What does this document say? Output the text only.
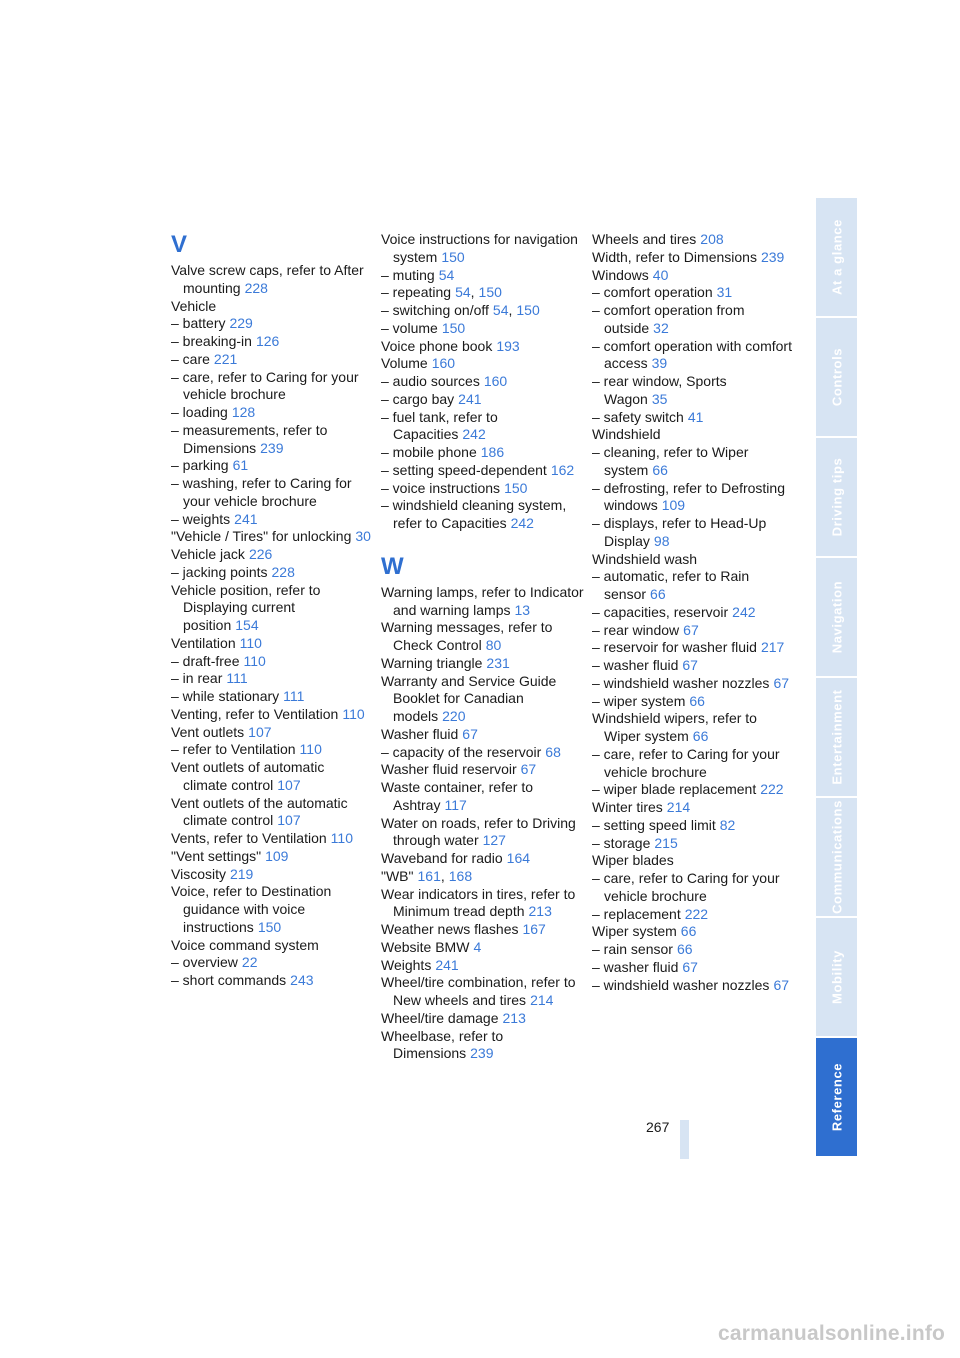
V
Valve screw caps, refer to After mounting 228
Vehicle
– battery 229
– breaking-in 126
– care 221
– care, refer to Caring for your vehicle brochure
– loading 128
– measurements, refer to Dimensions 239
– parking 61
– washing, refer to Caring for your vehicle brochure
– weights 241
"Vehicle / Tires" for unlocking 30
Vehicle jack 226
– jacking points 228
Vehicle position, refer to Displaying current position 154
Ventilation 110
– draft-free 110
– in rear 111
– while stationary 111
Venting, refer to Ventilation 110
Vent outlets 107
– refer to Ventilation 110
Vent outlets of automatic climate control 107
Vent outlets of the automatic climate control 107
Vents, refer to Ventilation 110
"Vent settings" 109
Viscosity 219
Voice, refer to Destination guidance with voice instructions 150
Voice command system
– overview 22
– short commands 243
Voice instructions for navigation system 150
– muting 54
– repeating 54, 150
– switching on/off 54, 150
– volume 150
Voice phone book 193
Volume 160
– audio sources 160
– cargo bay 241
– fuel tank, refer to Capacities 242
– mobile phone 186
– setting speed-dependent 162
– voice instructions 150
– windshield cleaning system, refer to Capacities 242
W
Warning lamps, refer to Indicator and warning lamps 13
Warning messages, refer to Check Control 80
Warning triangle 231
Warranty and Service Guide Booklet for Canadian models 220
Washer fluid 67
– capacity of the reservoir 68
Washer fluid reservoir 67
Waste container, refer to Ashtray 117
Water on roads, refer to Driving through water 127
Waveband for radio 164
"WB" 161, 168
Wear indicators in tires, refer to Minimum tread depth 213
Weather news flashes 167
Website BMW 4
Weights 241
Wheel/tire combination, refer to New wheels and tires 214
Wheel/tire damage 213
Wheelbase, refer to Dimensions 239
Wheels and tires 208
Width, refer to Dimensions 239
Windows 40
– comfort operation 31
– comfort operation from outside 32
– comfort operation with comfort access 39
– rear window, Sports Wagon 35
– safety switch 41
Windshield
– cleaning, refer to Wiper system 66
– defrosting, refer to Defrosting windows 109
– displays, refer to Head-Up Display 98
Windshield wash
– automatic, refer to Rain sensor 66
– capacities, reservoir 242
– rear window 67
– reservoir for washer fluid 217
– washer fluid 67
– windshield washer nozzles 67
– wiper system 66
Windshield wipers, refer to Wiper system 66
– care, refer to Caring for your vehicle brochure
– wiper blade replacement 222
Winter tires 214
– setting speed limit 82
– storage 215
Wiper blades
– care, refer to Caring for your vehicle brochure
– replacement 222
Wiper system 66
– rain sensor 66
– washer fluid 67
– windshield washer nozzles 67
At a glance
Controls
Driving tips
Navigation
Entertainment
Communications
Mobility
Reference
267
carmanualsonline.info
